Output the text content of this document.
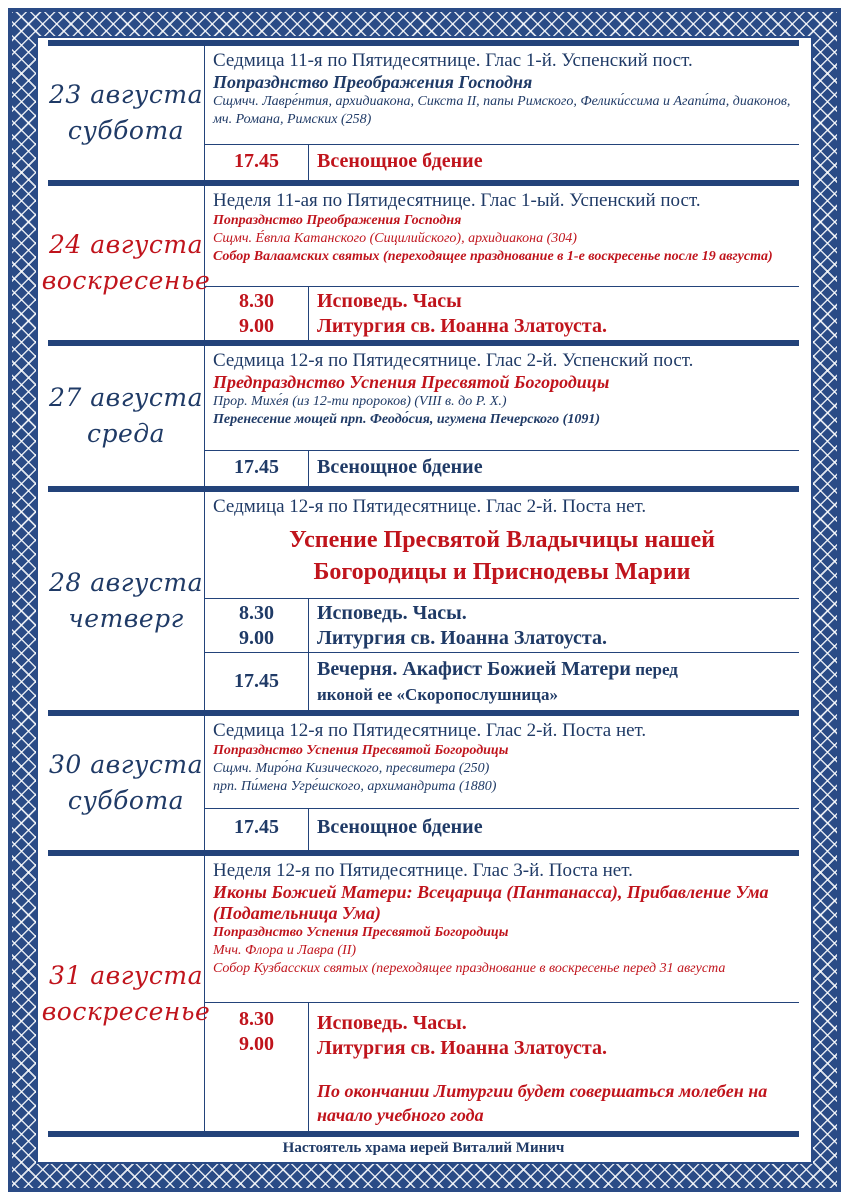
23 августа
суббота
Седмица 11-я по Пятидесятнице. Глас 1-й. Успенский пост.
Попразднство Преображения Господня
Сщмчч. Лавре́нтия, архидиакона, Сикста II, папы Римского, Фелики́ссима и Агапи́та, диаконов, мч. Романа, Римских (258)
17.45 Всенощное бдение
24 августа
воскресенье
Неделя 11-ая по Пятидесятнице. Глас 1-ый. Успенский пост.
Попразднство Преображения Господня
Сщмч. Е́впла Катанского (Сицилийского), архидиакона (304)
Собор Валаамских святых (переходящее празднование в 1-е воскресенье после 19 августа)
8.30
9.00
Исповедь. Часы
Литургия св. Иоанна Златоуста.
27 августа
среда
Седмица 12-я по Пятидесятнице. Глас 2-й. Успенский пост.
Предпразднство Успения Пресвятой Богородицы
Прор. Михе́я (из 12-ти пророков) (VIII в. до Р. Х.)
Перенесение мощей прп. Феодо́сия, игумена Печерского (1091)
17.45 Всенощное бдение
28 августа
четверг
Седмица 12-я по Пятидесятнице. Глас 2-й. Поста нет.
Успение Пресвятой Владычицы нашей
Богородицы и Приснодевы Марии
8.30
9.00
Исповедь. Часы.
Литургия св. Иоанна Златоуста.
17.45
Вечерня. Акафист Божией Матери перед
иконой ее «Скоропослушница»
30 августа
суббота
Седмица 12-я по Пятидесятнице. Глас 2-й. Поста нет.
Попразднство Успения Пресвятой Богородицы
Сщмч. Миро́на Кизического, пресвитера (250)
прп. Пи́мена Угре́шского, архимандрита (1880)
17.45 Всенощное бдение
31 августа
воскресенье
Неделя 12-я по Пятидесятнице. Глас 3-й. Поста нет.
Иконы Божией Матери: Всецарица (Пантанасса), Прибавление Ума (Подательница Ума)
Попразднство Успения Пресвятой Богородицы
Мчч. Флора и Лавра (II)
Собор Кузбасских святых (переходящее празднование в воскресенье перед 31 августа
8.30
9.00
Исповедь. Часы.
Литургия св. Иоанна Златоуста.
По окончании Литургии будет совершаться молебен на начало учебного года
Настоятель храма иерей Виталий Минич
